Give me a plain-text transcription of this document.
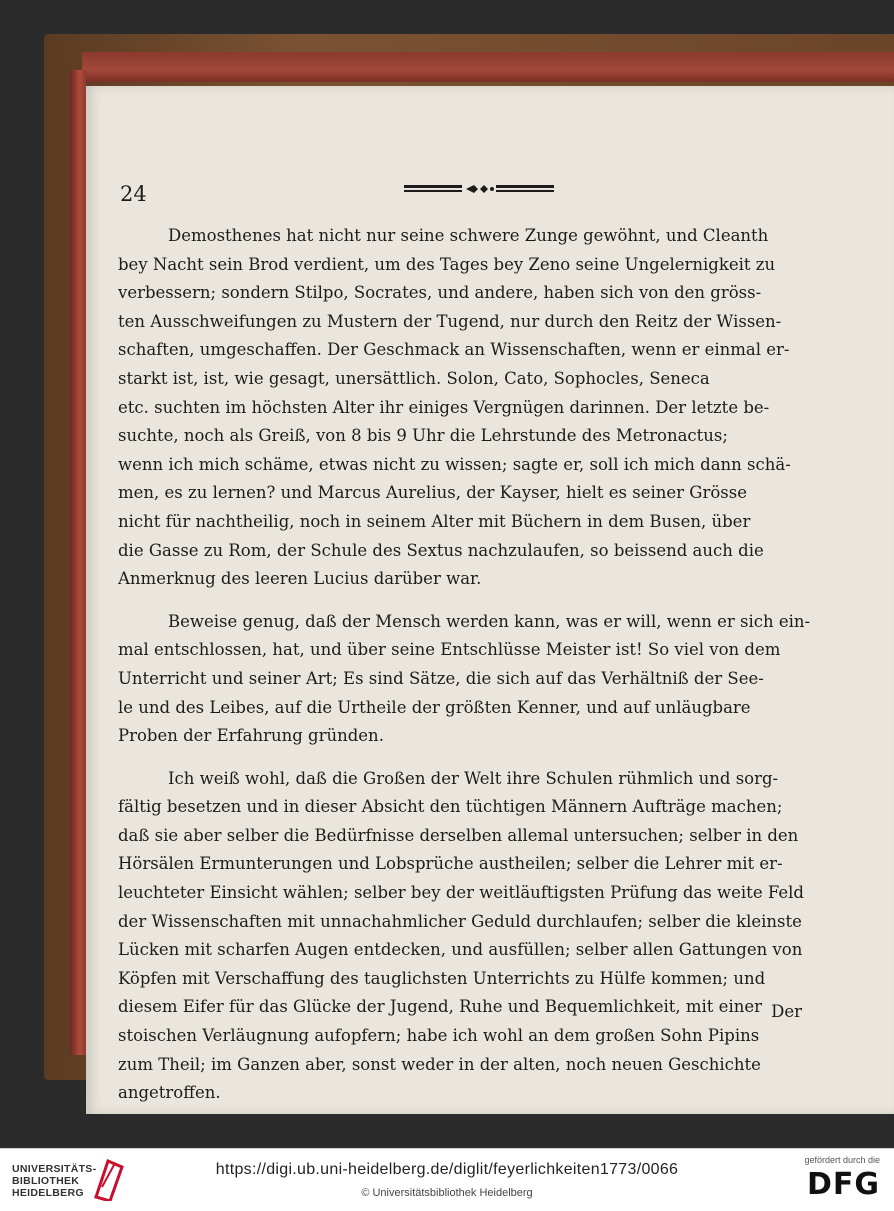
24
Demosthenes hat nicht nur seine schwere Zunge gewöhnt, und Cleanth
bey Nacht sein Brod verdient, um des Tages bey Zeno seine Ungelernigkeit zu
verbessern; sondern Stilpo, Socrates, und andere, haben sich von den gröss-
ten Ausschweifungen zu Mustern der Tugend, nur durch den Reitz der Wissen-
schaften, umgeschaffen. Der Geschmack an Wissenschaften, wenn er einmal er-
starkt ist, ist, wie gesagt, unersättlich. Solon, Cato, Sophocles, Seneca
etc. suchten im höchsten Alter ihr einiges Vergnügen darinnen. Der letzte be-
suchte, noch als Greiß, von 8 bis 9 Uhr die Lehrstunde des Metronactus;
wenn ich mich schäme, etwas nicht zu wissen; sagte er, soll ich mich dann schä-
men, es zu lernen? und Marcus Aurelius, der Kayser, hielt es seiner Grösse
nicht für nachtheilig, noch in seinem Alter mit Büchern in dem Busen, über
die Gasse zu Rom, der Schule des Sextus nachzulaufen, so beissend auch die
Anmerknug des leeren Lucius darüber war.
Beweise genug, daß der Mensch werden kann, was er will, wenn er sich ein-
mal entschlossen, hat, und über seine Entschlüsse Meister ist! So viel von dem
Unterricht und seiner Art; Es sind Sätze, die sich auf das Verhältniß der See-
le und des Leibes, auf die Urtheile der größten Kenner, und auf unläugbare
Proben der Erfahrung gründen.
Ich weiß wohl, daß die Großen der Welt ihre Schulen rühmlich und sorg-
fältig besetzen und in dieser Absicht den tüchtigen Männern Aufträge machen;
daß sie aber selber die Bedürfnisse derselben allemal untersuchen; selber in den
Hörsälen Ermunterungen und Lobsprüche austheilen; selber die Lehrer mit er-
leuchteter Einsicht wählen; selber bey der weitläuftigsten Prüfung das weite Feld
der Wissenschaften mit unnachahmlicher Geduld durchlaufen; selber die kleinste
Lücken mit scharfen Augen entdecken, und ausfüllen; selber allen Gattungen von
Köpfen mit Verschaffung des tauglichsten Unterrichts zu Hülfe kommen; und
diesem Eifer für das Glücke der Jugend, Ruhe und Bequemlichkeit, mit einer
stoischen Verläugnung aufopfern; habe ich wohl an dem großen Sohn Pipins
zum Theil; im Ganzen aber, sonst weder in der alten, noch neuen Geschichte
angetroffen.
Der
UNIVERSITÄTS-
BIBLIOTHEK
HEIDELBERG
https://digi.ub.uni-heidelberg.de/diglit/feyerlichkeiten1773/0066
© Universitätsbibliothek Heidelberg
gefördert durch die
DFG
